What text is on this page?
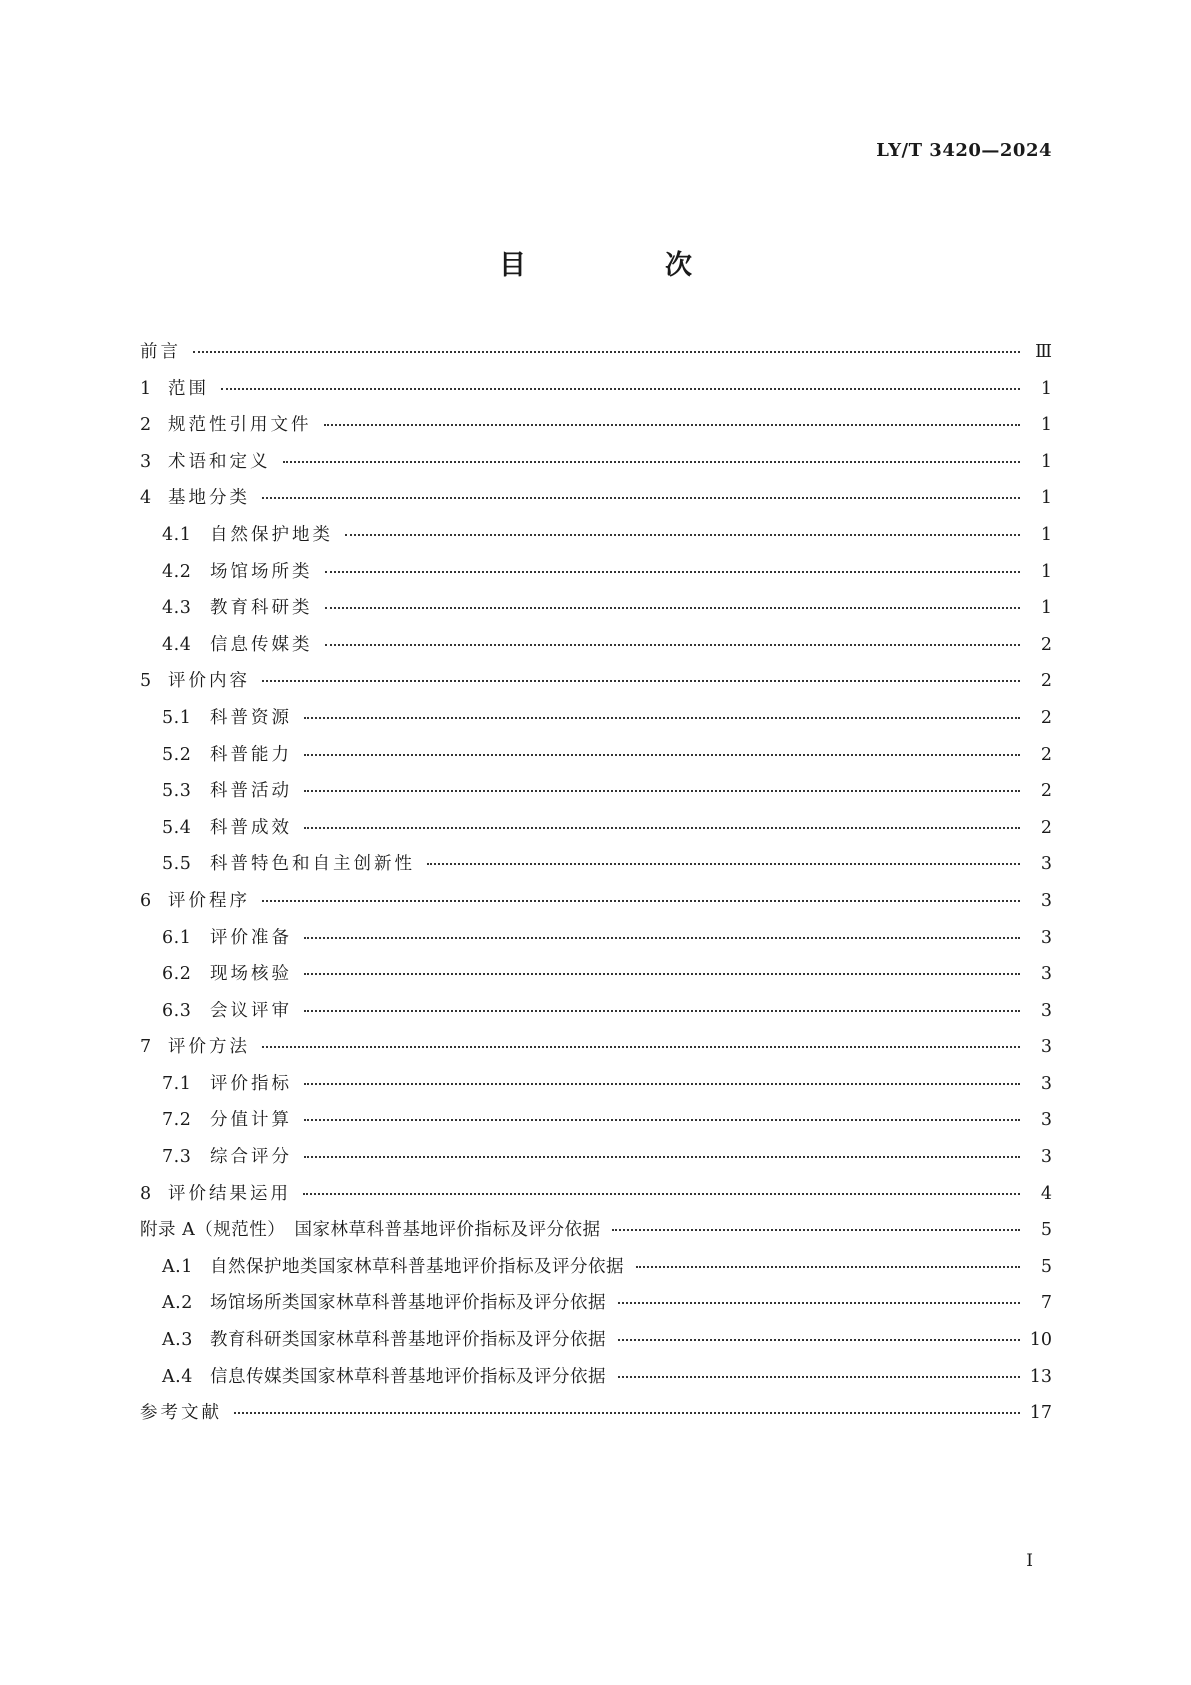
LY/T 3420—2024
目　次
前言	Ⅲ
1 范围	1
2 规范性引用文件	1
3 术语和定义	1
4 基地分类	1
4.1	自然保护地类	1
4.2	场馆场所类	1
4.3	教育科研类	1
4.4	信息传媒类	2
5 评价内容	2
5.1	科普资源	2
5.2	科普能力	2
5.3	科普活动	2
5.4	科普成效	2
5.5	科普特色和自主创新性	3
6 评价程序	3
6.1	评价准备	3
6.2	现场核验	3
6.3	会议评审	3
7 评价方法	3
7.1	评价指标	3
7.2	分值计算	3
7.3	综合评分	3
8 评价结果运用	4
附录 A（规范性）　国家林草科普基地评价指标及评分依据	5
A.1 自然保护地类国家林草科普基地评价指标及评分依据	5
A.2 场馆场所类国家林草科普基地评价指标及评分依据	7
A.3 教育科研类国家林草科普基地评价指标及评分依据	10
A.4 信息传媒类国家林草科普基地评价指标及评分依据	13
参考文献	17
I
